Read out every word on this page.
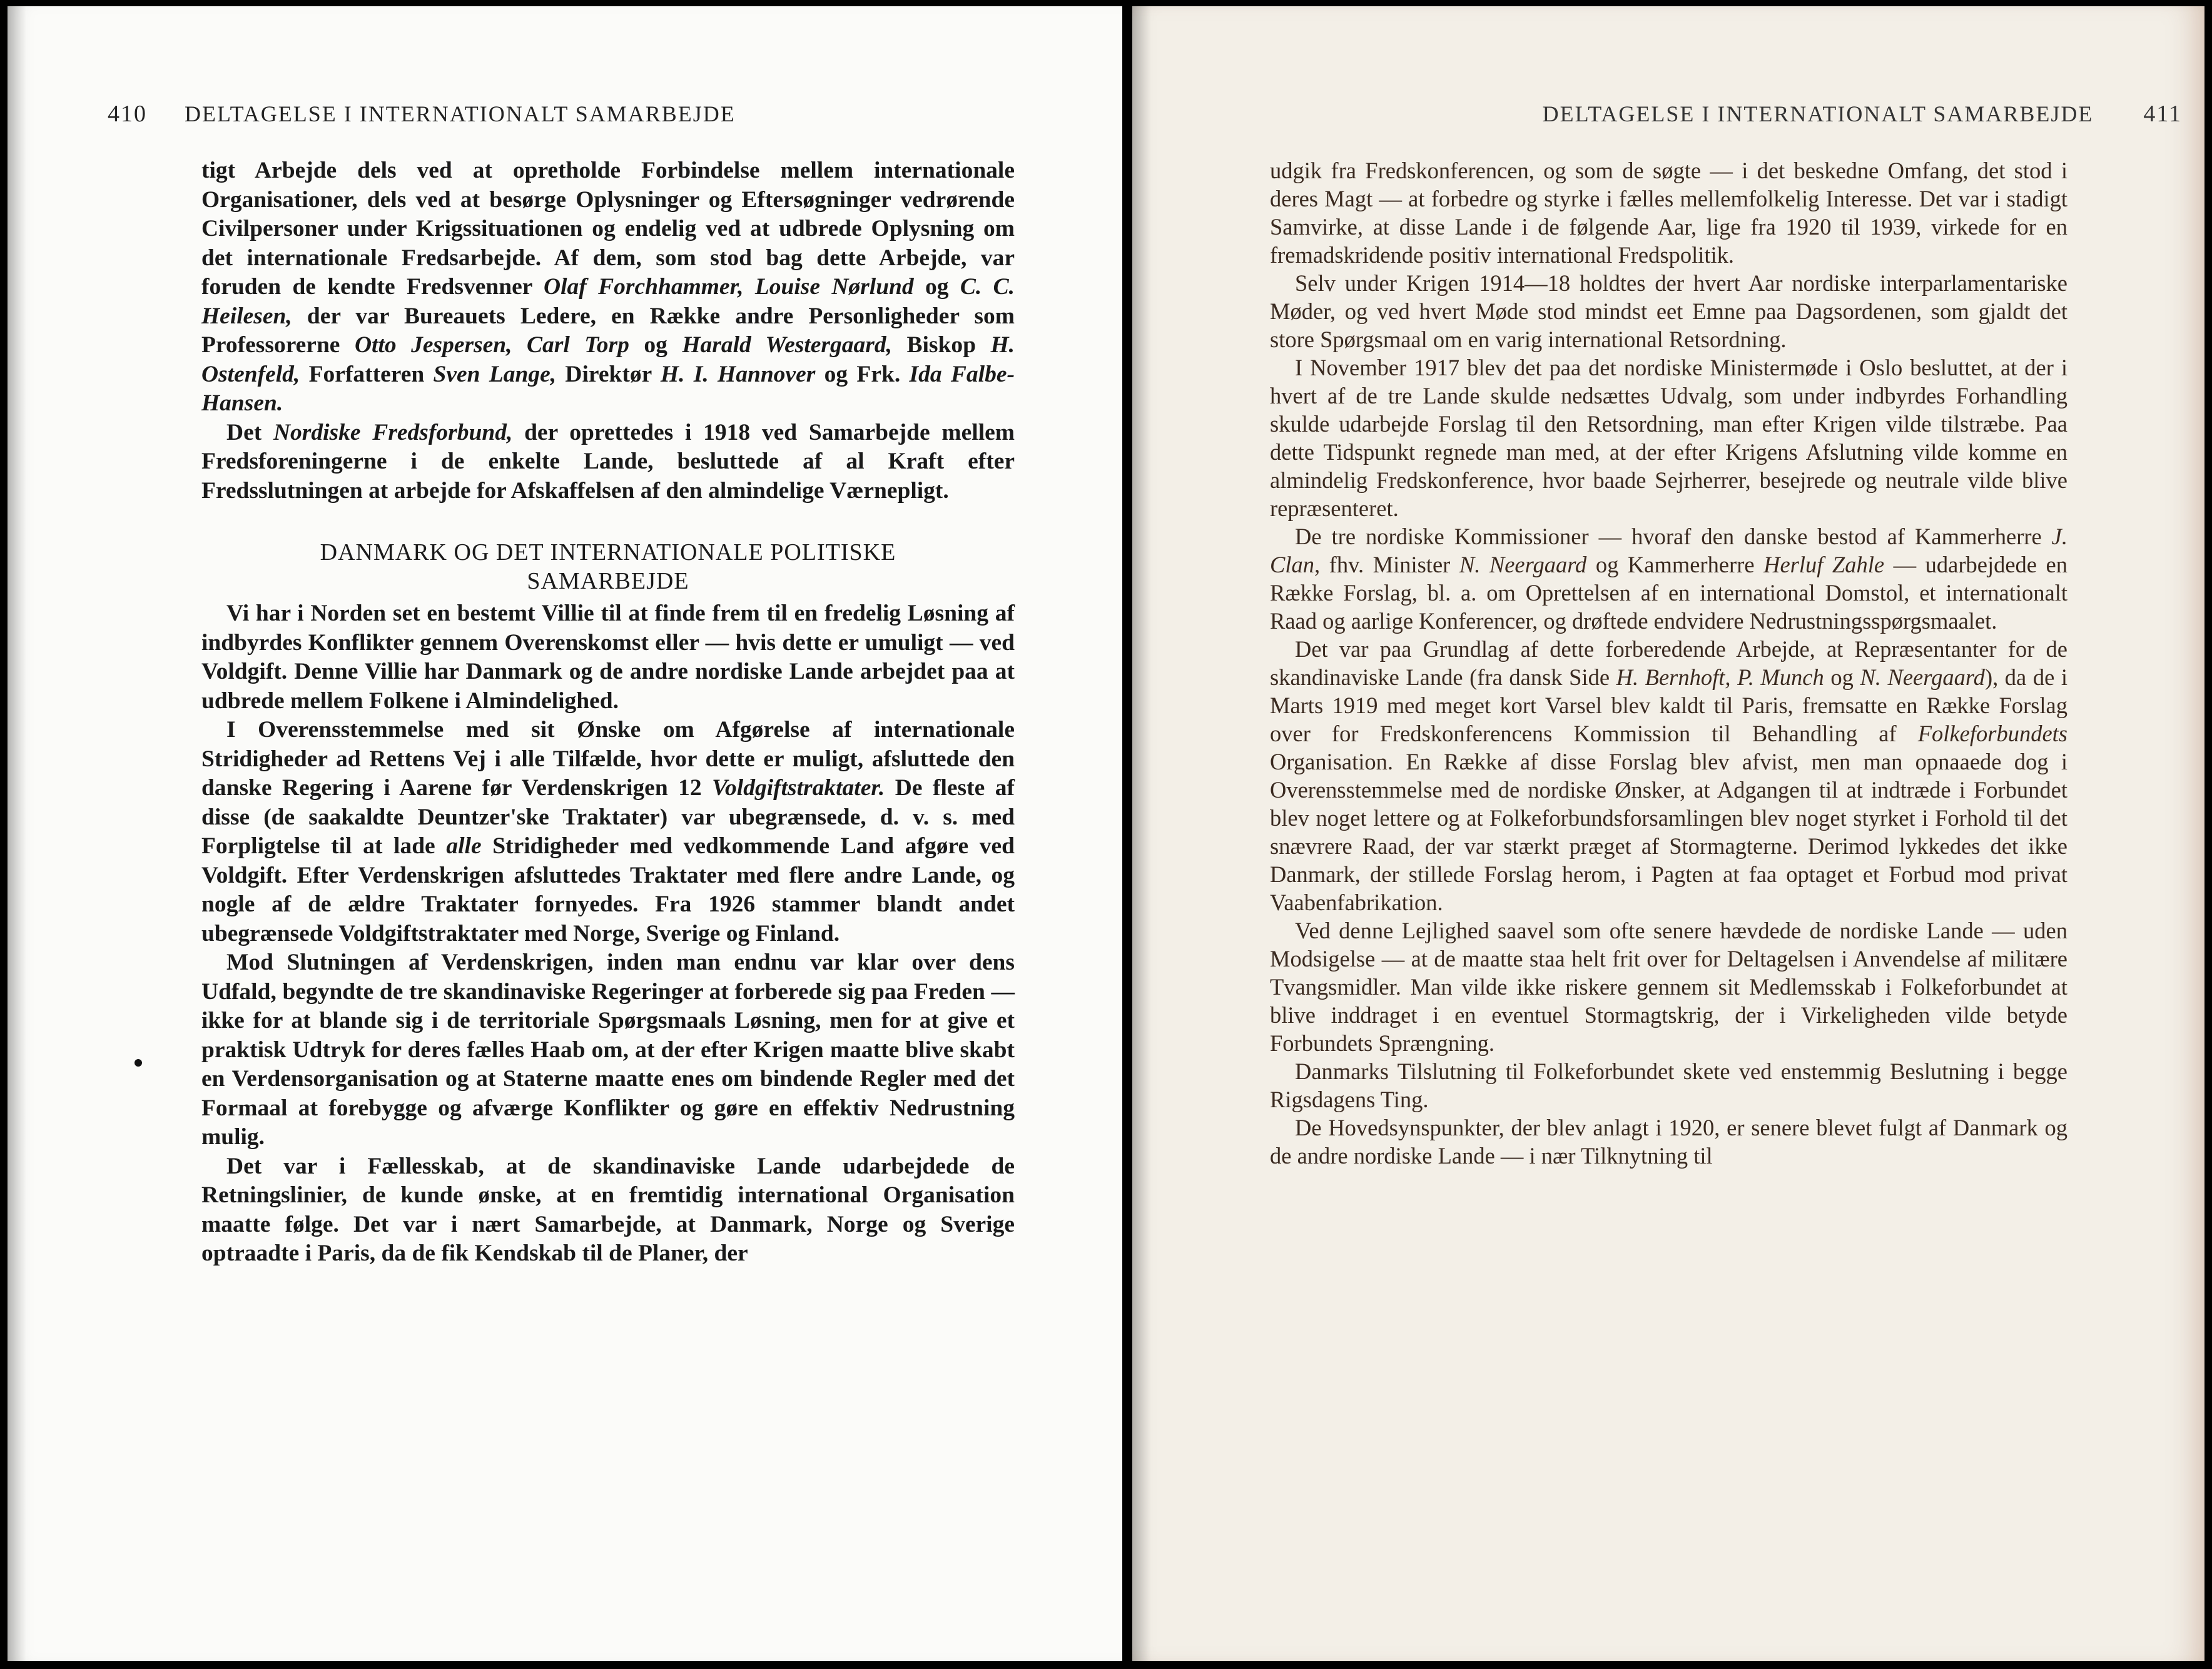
410 DELTAGELSE I INTERNATIONALT SAMARBEJDE

tigt Arbejde dels ved at opretholde Forbindelse mellem internationale Organisationer, dels ved at besørge Oplysninger og Eftersøgninger vedrørende Civilpersoner under Krigssituationen og endelig ved at udbrede Oplysning om det internationale Fredsarbejde. Af dem, som stod bag dette Arbejde, var foruden de kendte Fredsvenner Olaf Forchhammer, Louise Nørlund og C. C. Heilesen, der var Bureauets Ledere, en Række andre Personligheder som Professorerne Otto Jespersen, Carl Torp og Harald Westergaard, Biskop H. Ostenfeld, Forfatteren Sven Lange, Direktør H. I. Hannover og Frk. Ida Falbe-Hansen.

Det Nordiske Fredsforbund, der oprettedes i 1918 ved Samarbejde mellem Fredsforeningerne i de enkelte Lande, besluttede af al Kraft efter Fredsslutningen at arbejde for Afskaffelsen af den almindelige Værnepligt.

DANMARK OG DET INTERNATIONALE POLITISKE
SAMARBEJDE

Vi har i Norden set en bestemt Villie til at finde frem til en fredelig Løsning af indbyrdes Konflikter gennem Overenskomst eller — hvis dette er umuligt — ved Voldgift. Denne Villie har Danmark og de andre nordiske Lande arbejdet paa at udbrede mellem Folkene i Almindelighed.

I Overensstemmelse med sit Ønske om Afgørelse af internationale Stridigheder ad Rettens Vej i alle Tilfælde, hvor dette er muligt, afsluttede den danske Regering i Aarene før Verdenskrigen 12 Voldgiftstraktater. De fleste af disse (de saakaldte Deuntzer'ske Traktater) var ubegrænsede, d. v. s. med Forpligtelse til at lade alle Stridigheder med vedkommende Land afgøre ved Voldgift. Efter Verdenskrigen afsluttedes Traktater med flere andre Lande, og nogle af de ældre Traktater fornyedes. Fra 1926 stammer blandt andet ubegrænsede Voldgiftstraktater med Norge, Sverige og Finland.

Mod Slutningen af Verdenskrigen, inden man endnu var klar over dens Udfald, begyndte de tre skandinaviske Regeringer at forberede sig paa Freden — ikke for at blande sig i de territoriale Spørgsmaals Løsning, men for at give et praktisk Udtryk for deres fælles Haab om, at der efter Krigen maatte blive skabt en Verdensorganisation og at Staterne maatte enes om bindende Regler med det Formaal at forebygge og afværge Konflikter og gøre en effektiv Nedrustning mulig.

Det var i Fællesskab, at de skandinaviske Lande udarbejdede de Retningslinier, de kunde ønske, at en fremtidig international Organisation maatte følge. Det var i nært Samarbejde, at Danmark, Norge og Sverige optraadte i Paris, da de fik Kendskab til de Planer, der

DELTAGELSE I INTERNATIONALT SAMARBEJDE 411

udgik fra Fredskonferencen, og som de søgte — i det beskedne Omfang, det stod i deres Magt — at forbedre og styrke i fælles mellemfolkelig Interesse. Det var i stadigt Samvirke, at disse Lande i de følgende Aar, lige fra 1920 til 1939, virkede for en fremadskridende positiv international Fredspolitik.

Selv under Krigen 1914—18 holdtes der hvert Aar nordiske interparlamentariske Møder, og ved hvert Møde stod mindst eet Emne paa Dagsordenen, som gjaldt det store Spørgsmaal om en varig international Retsordning.

I November 1917 blev det paa det nordiske Ministermøde i Oslo besluttet, at der i hvert af de tre Lande skulde nedsættes Udvalg, som under indbyrdes Forhandling skulde udarbejde Forslag til den Retsordning, man efter Krigen vilde tilstræbe. Paa dette Tidspunkt regnede man med, at der efter Krigens Afslutning vilde komme en almindelig Fredskonference, hvor baade Sejrherrer, besejrede og neutrale vilde blive repræsenteret.

De tre nordiske Kommissioner — hvoraf den danske bestod af Kammerherre J. Clan, fhv. Minister N. Neergaard og Kammerherre Herluf Zahle — udarbejdede en Række Forslag, bl. a. om Oprettelsen af en international Domstol, et internationalt Raad og aarlige Konferencer, og drøftede endvidere Nedrustningsspørgsmaalet.

Det var paa Grundlag af dette forberedende Arbejde, at Repræsentanter for de skandinaviske Lande (fra dansk Side H. Bernhoft, P. Munch og N. Neergaard), da de i Marts 1919 med meget kort Varsel blev kaldt til Paris, fremsatte en Række Forslag over for Fredskonferencens Kommission til Behandling af Folkeforbundets Organisation. En Række af disse Forslag blev afvist, men man opnaaede dog i Overensstemmelse med de nordiske Ønsker, at Adgangen til at indtræde i Forbundet blev noget lettere og at Folkeforbundsforsamlingen blev noget styrket i Forhold til det snævrere Raad, der var stærkt præget af Stormagterne. Derimod lykkedes det ikke Danmark, der stillede Forslag herom, i Pagten at faa optaget et Forbud mod privat Vaabenfabrikation.

Ved denne Lejlighed saavel som ofte senere hævdede de nordiske Lande — uden Modsigelse — at de maatte staa helt frit over for Deltagelsen i Anvendelse af militære Tvangsmidler. Man vilde ikke riskere gennem sit Medlemsskab i Folkeforbundet at blive inddraget i en eventuel Stormagtskrig, der i Virkeligheden vilde betyde Forbundets Sprængning.

Danmarks Tilslutning til Folkeforbundet skete ved enstemmig Beslutning i begge Rigsdagens Ting.

De Hovedsynspunkter, der blev anlagt i 1920, er senere blevet fulgt af Danmark og de andre nordiske Lande — i nær Tilknytning til
